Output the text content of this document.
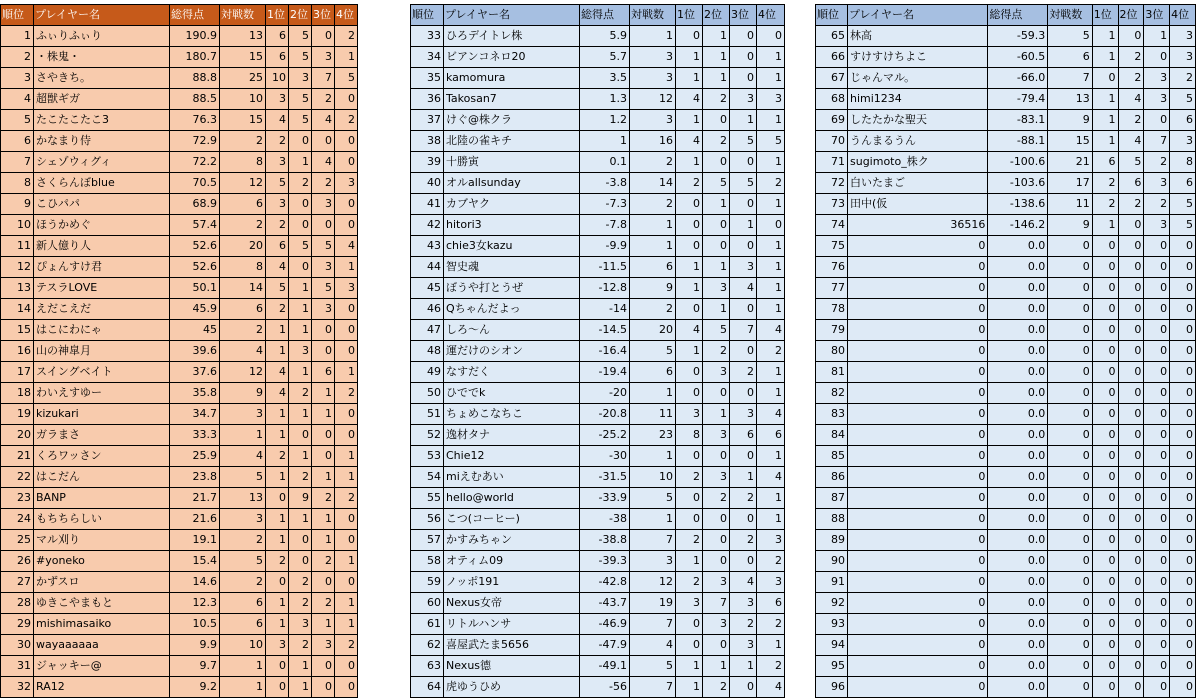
順位	プレイヤー名	総得点	対戦数	1位	2位	3位	4位
1	ふぃりふぃり	190.9	13	6	5	0	2
2	・株鬼・	180.7	15	6	5	3	1
3	さやきち。	88.8	25	10	3	7	5
4	超獣ギガ	88.5	10	3	5	2	0
5	たこたこたこ3	76.3	15	4	5	4	2
6	かなまり侍	72.9	2	2	0	0	0
7	シェゾウィグィ	72.2	8	3	1	4	0
8	さくらんぼblue	70.5	12	5	2	2	3
9	こひパパ	68.9	6	3	0	3	0
10	ほうかめぐ	57.4	2	2	0	0	0
11	新人億り人	52.6	20	6	5	5	4
12	ぴょんすけ君	52.6	8	4	0	3	1
13	テスラLOVE	50.1	14	5	1	5	3
14	えだこえだ	45.9	6	2	1	3	0
15	はこにわにゃ	45	2	1	1	0	0
16	山の神皐月	39.6	4	1	3	0	0
17	スイングベイト	37.6	12	4	1	6	1
18	わいえすゆー	35.8	9	4	2	1	2
19	kizukari	34.7	3	1	1	1	0
20	ガラまさ	33.3	1	1	0	0	0
21	くろワッさン	25.9	4	2	1	0	1
22	はこだん	23.8	5	1	2	1	1
23	BANP	21.7	13	0	9	2	2
24	もちちらしい	21.6	3	1	1	1	0
25	マル刈り	19.1	2	1	0	1	0
26	#yoneko	15.4	5	2	0	2	1
27	かずスロ	14.6	2	0	2	0	0
28	ゆきこやまもと	12.3	6	1	2	2	1
29	mishimasaiko	10.5	6	1	3	1	1
30	wayaaaaaa	9.9	10	3	2	3	2
31	ジャッキー@	9.7	1	0	1	0	0
32	RA12	9.2	1	0	1	0	0
順位	プレイヤー名	総得点	対戦数	1位	2位	3位	4位
33	ひろデイトレ株	5.9	1	0	1	0	0
34	ビアンコネロ20	5.7	3	1	1	0	1
35	kamomura	3.5	3	1	1	0	1
36	Takosan7	1.3	12	4	2	3	3
37	けぐ@株クラ	1.2	3	1	0	1	1
38	北陸の雀キチ	1	16	4	2	5	5
39	十勝寅	0.1	2	1	0	0	1
40	オルallsunday	-3.8	14	2	5	5	2
41	カブヤク	-7.3	2	0	1	0	1
42	hitori3	-7.8	1	0	0	1	0
43	chie3女kazu	-9.9	1	0	0	0	1
44	智史魂	-11.5	6	1	1	3	1
45	ぼうや打とうぜ	-12.8	9	1	3	4	1
46	Qちゃんだよっ	-14	2	0	1	0	1
47	しろ～ん	-14.5	20	4	5	7	4
48	運だけのシオン	-16.4	5	1	2	0	2
49	なすだく	-19.4	6	0	3	2	1
50	ひででk	-20	1	0	0	0	1
51	ちょめこなちこ	-20.8	11	3	1	3	4
52	逸材タナ	-25.2	23	8	3	6	6
53	Chie12	-30	1	0	0	0	1
54	miえむあい	-31.5	10	2	3	1	4
55	hello@world	-33.9	5	0	2	2	1
56	こつ(コーヒー)	-38	1	0	0	0	1
57	かすみちゃン	-38.8	7	2	0	2	3
58	オティム09	-39.3	3	1	0	0	2
59	ノッポ191	-42.8	12	2	3	4	3
60	Nexus女帝	-43.7	19	3	7	3	6
61	リトルハンサ	-46.9	7	0	3	2	2
62	喜屋武たま5656	-47.9	4	0	0	3	1
63	Nexus德	-49.1	5	1	1	1	2
64	虎ゆうひめ	-56	7	1	2	0	4
順位	プレイヤー名	総得点	対戦数	1位	2位	3位	4位
65	林高	-59.3	5	1	0	1	3
66	すけすけちよこ	-60.5	6	1	2	0	3
67	じゃんマル。	-66.0	7	0	2	3	2
68	himi1234	-79.4	13	1	4	3	5
69	したたかな聖天	-83.1	9	1	2	0	6
70	うんまるうん	-88.1	15	1	4	7	3
71	sugimoto_株ク	-100.6	21	6	5	2	8
72	白いたまご	-103.6	17	2	6	3	6
73	田中(仮	-138.6	11	2	2	2	5
74	36516	-146.2	9	1	0	3	5
75	0	0.0	0	0	0	0	0
76	0	0.0	0	0	0	0	0
77	0	0.0	0	0	0	0	0
78	0	0.0	0	0	0	0	0
79	0	0.0	0	0	0	0	0
80	0	0.0	0	0	0	0	0
81	0	0.0	0	0	0	0	0
82	0	0.0	0	0	0	0	0
83	0	0.0	0	0	0	0	0
84	0	0.0	0	0	0	0	0
85	0	0.0	0	0	0	0	0
86	0	0.0	0	0	0	0	0
87	0	0.0	0	0	0	0	0
88	0	0.0	0	0	0	0	0
89	0	0.0	0	0	0	0	0
90	0	0.0	0	0	0	0	0
91	0	0.0	0	0	0	0	0
92	0	0.0	0	0	0	0	0
93	0	0.0	0	0	0	0	0
94	0	0.0	0	0	0	0	0
95	0	0.0	0	0	0	0	0
96	0	0.0	0	0	0	0	0
